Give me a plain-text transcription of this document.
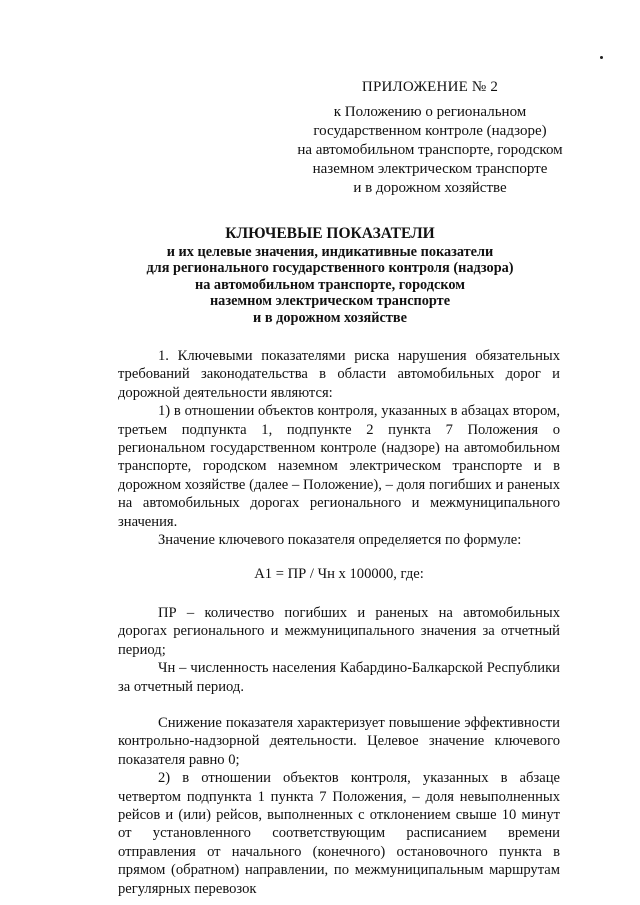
ПРИЛОЖЕНИЕ № 2
к Положению о региональном
государственном контроле (надзоре)
на автомобильном транспорте, городском
наземном электрическом транспорте
и в дорожном хозяйстве
КЛЮЧЕВЫЕ ПОКАЗАТЕЛИ
и их целевые значения, индикативные показатели
для регионального государственного контроля (надзора)
на автомобильном транспорте, городском
наземном электрическом транспорте
и в дорожном хозяйстве

1. Ключевыми показателями риска нарушения обязательных требований законодательства в области автомобильных дорог и дорожной деятельности являются:

1) в отношении объектов контроля, указанных в абзацах втором, третьем подпункта 1, подпункте 2 пункта 7 Положения о региональном государственном контроле (надзоре) на автомобильном транспорте, городском наземном электрическом транспорте и в дорожном хозяйстве (далее – Положение), – доля погибших и раненых на автомобильных дорогах регионального и межмуниципального значения.

Значение ключевого показателя определяется по формуле:

А1 = ПР / Чн х 100000, где:

ПР – количество погибших и раненых на автомобильных дорогах регионального и межмуниципального значения за отчетный период;

Чн – численность населения Кабардино-Балкарской Республики за отчетный период.

Снижение показателя характеризует повышение эффективности контрольно-надзорной деятельности. Целевое значение ключевого показателя равно 0;

2) в отношении объектов контроля, указанных в абзаце четвертом подпункта 1 пункта 7 Положения, – доля невыполненных рейсов и (или) рейсов, выполненных с отклонением свыше 10 минут от установленного соответствующим расписанием времени отправления от начального (конечного) остановочного пункта в прямом (обратном) направлении, по межмуниципальным маршрутам регулярных перевозок
